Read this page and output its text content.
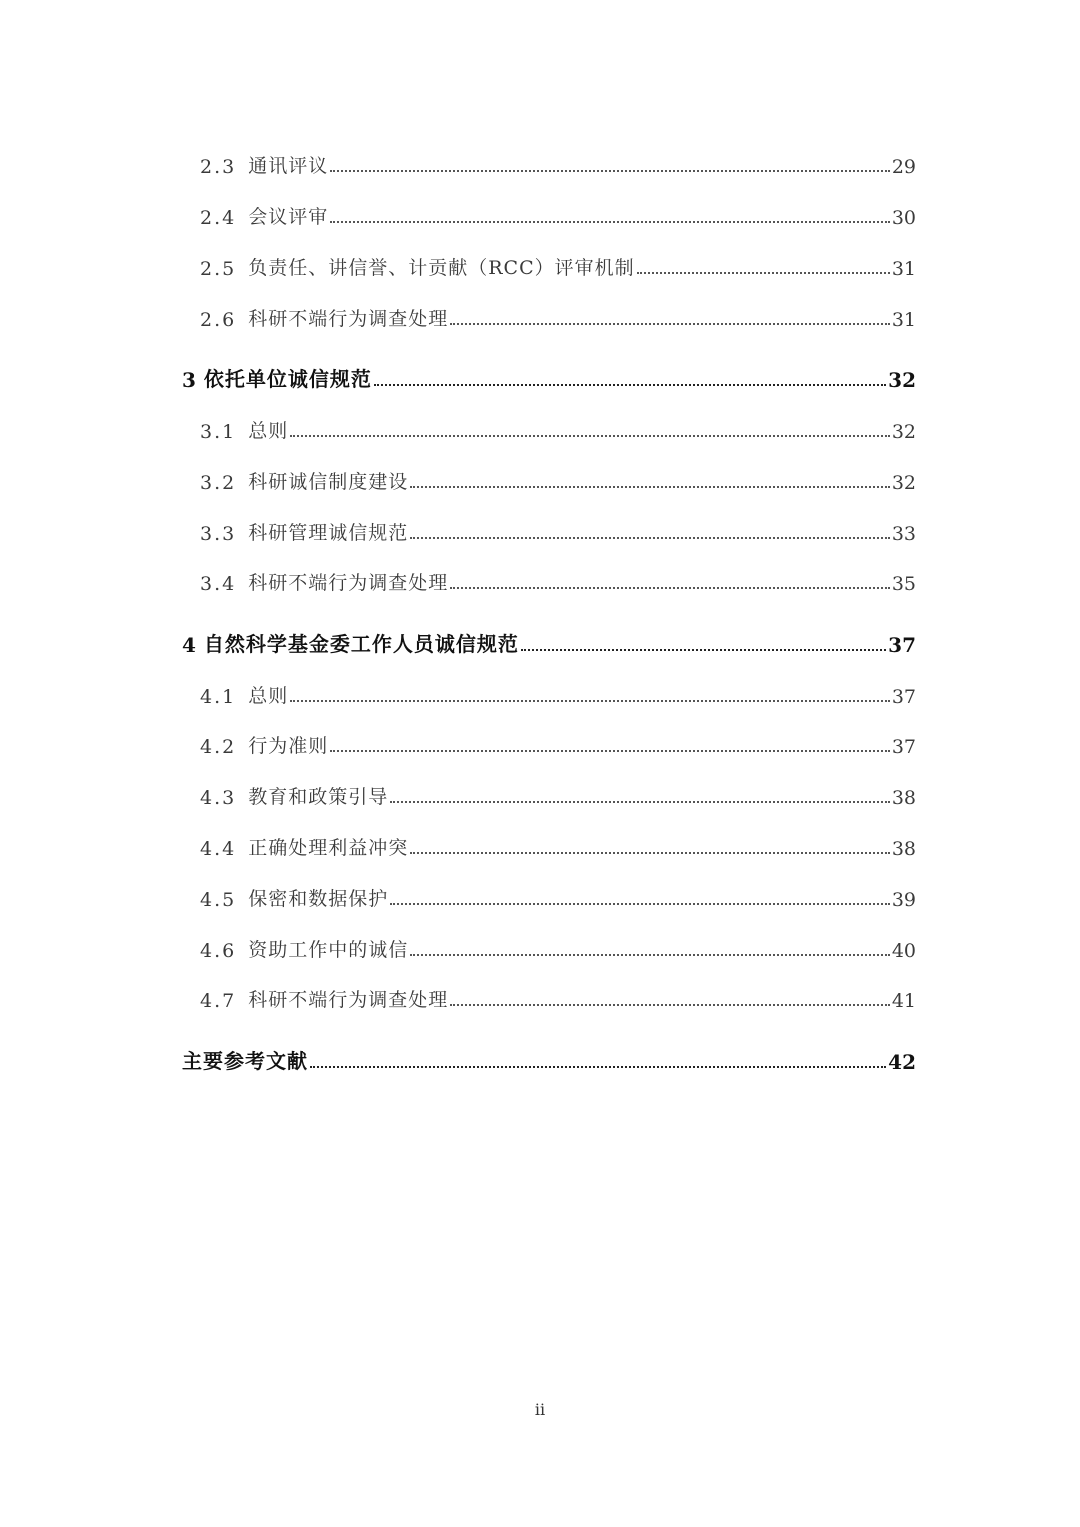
2.3 通讯评议	29
2.4 会议评审	30
2.5 负责任、讲信誉、计贡献（RCC）评审机制	31
2.6 科研不端行为调查处理	31
3 依托单位诚信规范	32
3.1 总则	32
3.2 科研诚信制度建设	32
3.3 科研管理诚信规范	33
3.4 科研不端行为调查处理	35
4 自然科学基金委工作人员诚信规范	37
4.1 总则	37
4.2 行为准则	37
4.3 教育和政策引导	38
4.4 正确处理利益冲突	38
4.5 保密和数据保护	39
4.6 资助工作中的诚信	40
4.7 科研不端行为调查处理	41
主要参考文献	42
ii
